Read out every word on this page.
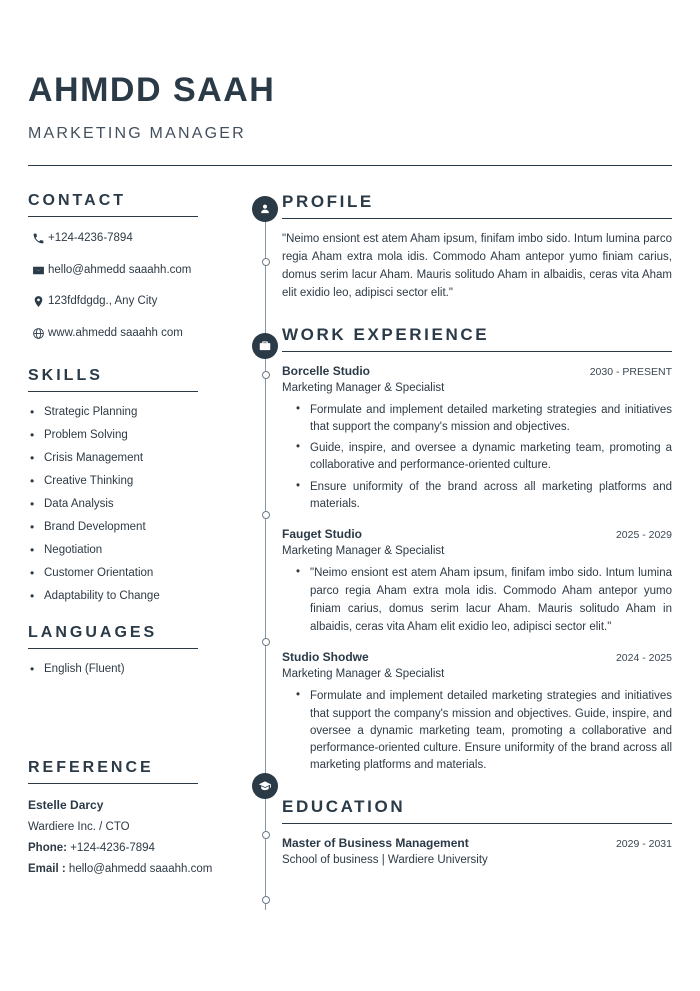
AHMDD SAAH
MARKETING MANAGER
CONTACT
+124-4236-7894
hello@ahmedd saaahh.com
123fdfdgdg., Any City
www.ahmedd saaahh com
SKILLS
• Strategic Planning
• Problem Solving
• Crisis Management
• Creative Thinking
• Data Analysis
• Brand Development
• Negotiation
• Customer Orientation
• Adaptability to Change
LANGUAGES
• English (Fluent)
REFERENCE
Estelle Darcy
Wardiere Inc. / CTO
Phone: +124-4236-7894
Email : hello@ahmedd saaahh.com
PROFILE
"Neimo ensiont est atem Aham ipsum, finifam imbo sido. Intum lumina parco regia Aham extra mola idis. Commodo Aham antepor yumo finiam carius, domus serim lacur Aham. Mauris solitudo Aham in albaidis, ceras vita Aham elit exidio leo, adipisci sector elit."
WORK EXPERIENCE
Borcelle Studio	2030 - PRESENT
Marketing Manager & Specialist
• Formulate and implement detailed marketing strategies and initiatives that support the company's mission and objectives.
• Guide, inspire, and oversee a dynamic marketing team, promoting a collaborative and performance-oriented culture.
• Ensure uniformity of the brand across all marketing platforms and materials.
Fauget Studio	2025 - 2029
Marketing Manager & Specialist
• "Neimo ensiont est atem Aham ipsum, finifam imbo sido. Intum lumina parco regia Aham extra mola idis. Commodo Aham antepor yumo finiam carius, domus serim lacur Aham. Mauris solitudo Aham in albaidis, ceras vita Aham elit exidio leo, adipisci sector elit."
Studio Shodwe	2024 - 2025
Marketing Manager & Specialist
• Formulate and implement detailed marketing strategies and initiatives that support the company's mission and objectives. Guide, inspire, and oversee a dynamic marketing team, promoting a collaborative and performance-oriented culture. Ensure uniformity of the brand across all marketing platforms and materials.
EDUCATION
Master of Business Management	2029 - 2031
School of business | Wardiere University
